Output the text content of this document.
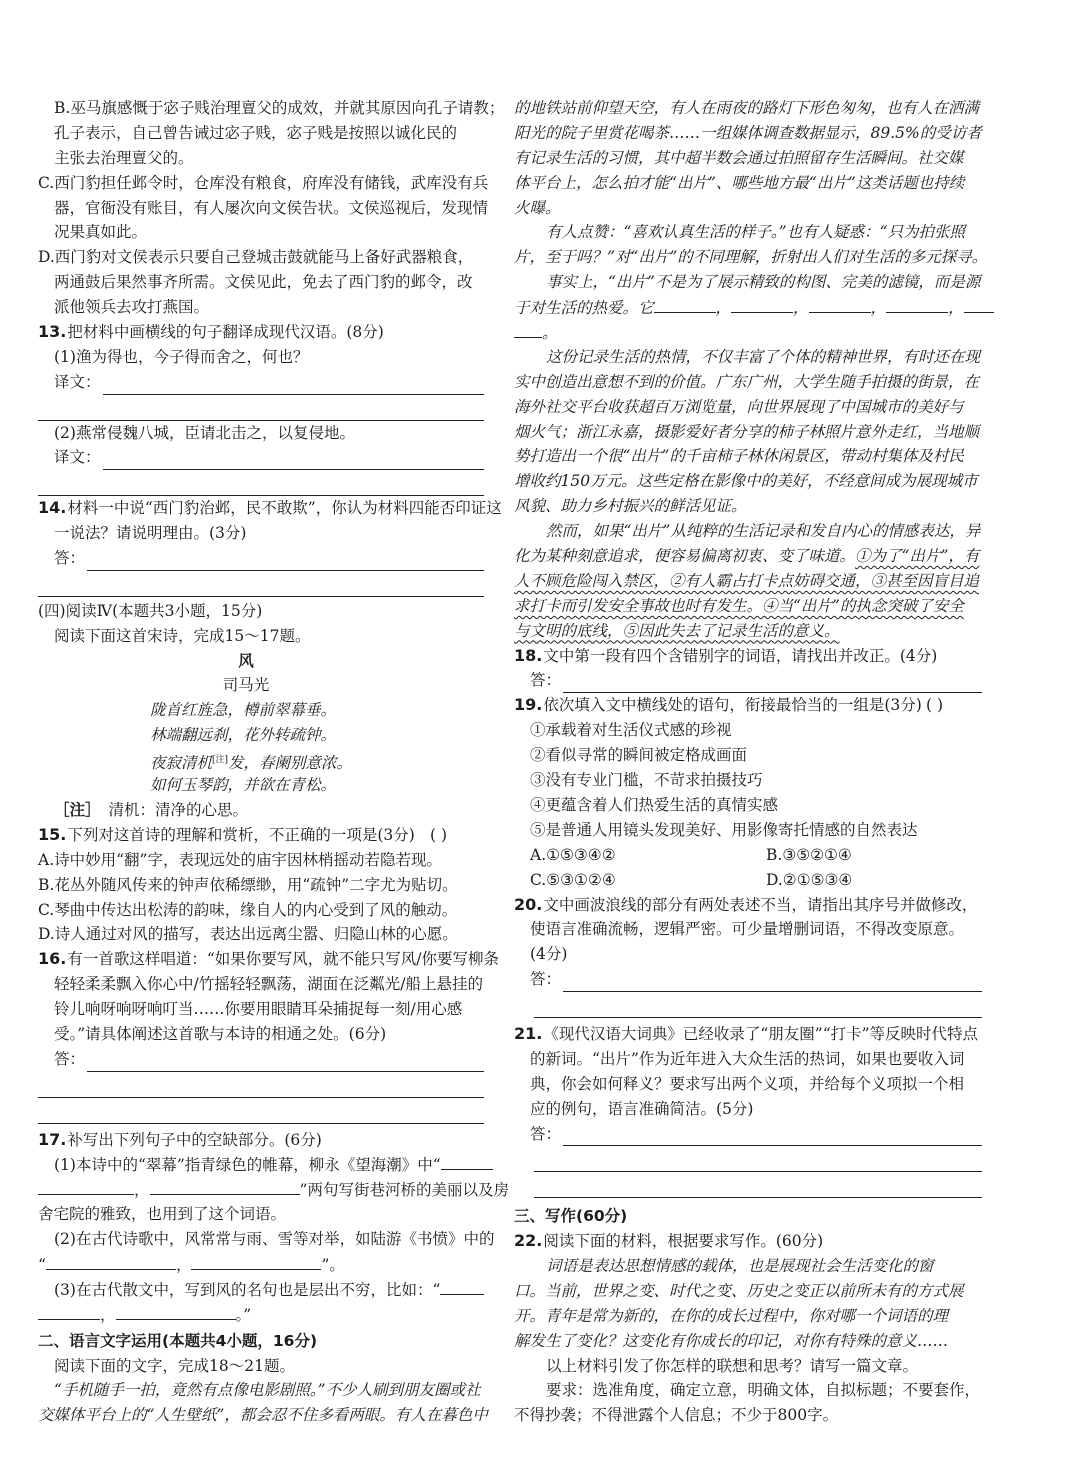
B.巫马旗感慨于宓子贱治理亶父的成效，并就其原因向孔子请教；
孔子表示，自己曾告诫过宓子贱，宓子贱是按照以诚化民的
主张去治理亶父的。
C.西门豹担任邺令时，仓库没有粮食，府库没有储钱，武库没有兵
器，官衙没有账目，有人屡次向文侯告状。文侯巡视后，发现情
况果真如此。
D.西门豹对文侯表示只要自己登城击鼓就能马上备好武器粮食，
两通鼓后果然事齐所需。文侯见此，免去了西门豹的邺令，改
派他领兵去攻打燕国。
13.把材料中画横线的句子翻译成现代汉语。(8分)
(1)渔为得也，今子得而舍之，何也？
译文：
(2)燕常侵魏八城，臣请北击之，以复侵地。
译文：
14.材料一中说“西门豹治邺，民不敢欺”，你认为材料四能否印证这
一说法？请说明理由。(3分)
答：
(四)阅读Ⅳ(本题共3小题，15分)
阅读下面这首宋诗，完成15～17题。
风
司马光
陇首红旌急，樽前翠幕垂。
林端翻远刹，花外转疏钟。
夜寂清机[注]发，春阑别意浓。
如何玉琴韵，并欲在青松。
［注］ 清机：清净的心思。
15.下列对这首诗的理解和赏析，不正确的一项是(3分) ( )
A.诗中妙用“翻”字，表现远处的庙宇因林梢摇动若隐若现。
B.花丛外随风传来的钟声依稀缥缈，用“疏钟”二字尤为贴切。
C.琴曲中传达出松涛的韵味，缘自人的内心受到了风的触动。
D.诗人通过对风的描写，表达出远离尘嚣、归隐山林的心愿。
16.有一首歌这样唱道：“如果你要写风，就不能只写风/你要写柳条
轻轻柔柔飘入你心中/竹摇轻轻飘荡，湖面在泛粼光/船上悬挂的
铃儿响呀响呀响叮当……你要用眼睛耳朵捕捉每一刻/用心感
受。”请具体阐述这首歌与本诗的相通之处。(6分)
答：
17.补写出下列句子中的空缺部分。(6分)
(1)本诗中的“翠幕”指青绿色的帷幕，柳永《望海潮》中“
，	”两句写街巷河桥的美丽以及房
舍宅院的雅致，也用到了这个词语。
(2)在古代诗歌中，风常常与雨、雪等对举，如陆游《书愤》中的
“	，	”。
(3)在古代散文中，写到风的名句也是层出不穷，比如：“
，	。”
二、语言文字运用(本题共4小题，16分)
阅读下面的文字，完成18～21题。
“手机随手一拍，竟然有点像电影剧照。”不少人刷到朋友圈或社
交媒体平台上的“人生壁纸”，都会忍不住多看两眼。有人在暮色中
的地铁站前仰望天空，有人在雨夜的路灯下形色匆匆，也有人在洒满
阳光的院子里赏花喝茶……一组媒体调查数据显示，89.5%的受访者
有记录生活的习惯，其中超半数会通过拍照留存生活瞬间。社交媒
体平台上，怎么拍才能“出片”、哪些地方最“出片”这类话题也持续
火曝。
有人点赞：“喜欢认真生活的样子。”也有人疑惑：“只为拍张照
片，至于吗？”对“出片”的不同理解，折射出人们对生活的多元探寻。
事实上，“出片”不是为了展示精致的构图、完美的滤镜，而是源
于对生活的热爱。它	，	，	，	，
。
这份记录生活的热情，不仅丰富了个体的精神世界，有时还在现
实中创造出意想不到的价值。广东广州，大学生随手拍摄的街景，在
海外社交平台收获超百万浏览量，向世界展现了中国城市的美好与
烟火气；浙江永嘉，摄影爱好者分享的柿子林照片意外走红，当地顺
势打造出一个很“出片”的千亩柿子林休闲景区，带动村集体及村民
增收约150万元。这些定格在影像中的美好，不经意间成为展现城市
风貌、助力乡村振兴的鲜活见证。
然而，如果“出片”从纯粹的生活记录和发自内心的情感表达，异
化为某种刻意追求，便容易偏离初衷、变了味道。①为了“出片”，有
人不顾危险闯入禁区，②有人霸占打卡点妨碍交通，③甚至因盲目追
求打卡而引发安全事故也时有发生。④当“出片”的执念突破了安全
与文明的底线，⑤因此失去了记录生活的意义。
18.文中第一段有四个含错别字的词语，请找出并改正。(4分)
答：
19.依次填入文中横线处的语句，衔接最恰当的一组是(3分) ( )
①承载着对生活仪式感的珍视
②看似寻常的瞬间被定格成画面
③没有专业门槛，不苛求拍摄技巧
④更蕴含着人们热爱生活的真情实感
⑤是普通人用镜头发现美好、用影像寄托情感的自然表达
A.①⑤③④②	B.③⑤②①④
C.⑤③①②④	D.②①⑤③④
20.文中画波浪线的部分有两处表述不当，请指出其序号并做修改，
使语言准确流畅，逻辑严密。可少量增删词语，不得改变原意。
(4分)
答：
21.《现代汉语大词典》已经收录了“朋友圈”“打卡”等反映时代特点
的新词。“出片”作为近年进入大众生活的热词，如果也要收入词
典，你会如何释义？要求写出两个义项，并给每个义项拟一个相
应的例句，语言准确简洁。(5分)
答：
三、写作(60分)
22.阅读下面的材料，根据要求写作。(60分)
词语是表达思想情感的载体，也是展现社会生活变化的窗
口。当前，世界之变、时代之变、历史之变正以前所未有的方式展
开。青年是常为新的，在你的成长过程中，你对哪一个词语的理
解发生了变化？这变化有你成长的印记，对你有特殊的意义……
以上材料引发了你怎样的联想和思考？请写一篇文章。
要求：选准角度，确定立意，明确文体，自拟标题；不要套作，
不得抄袭；不得泄露个人信息；不少于800字。
